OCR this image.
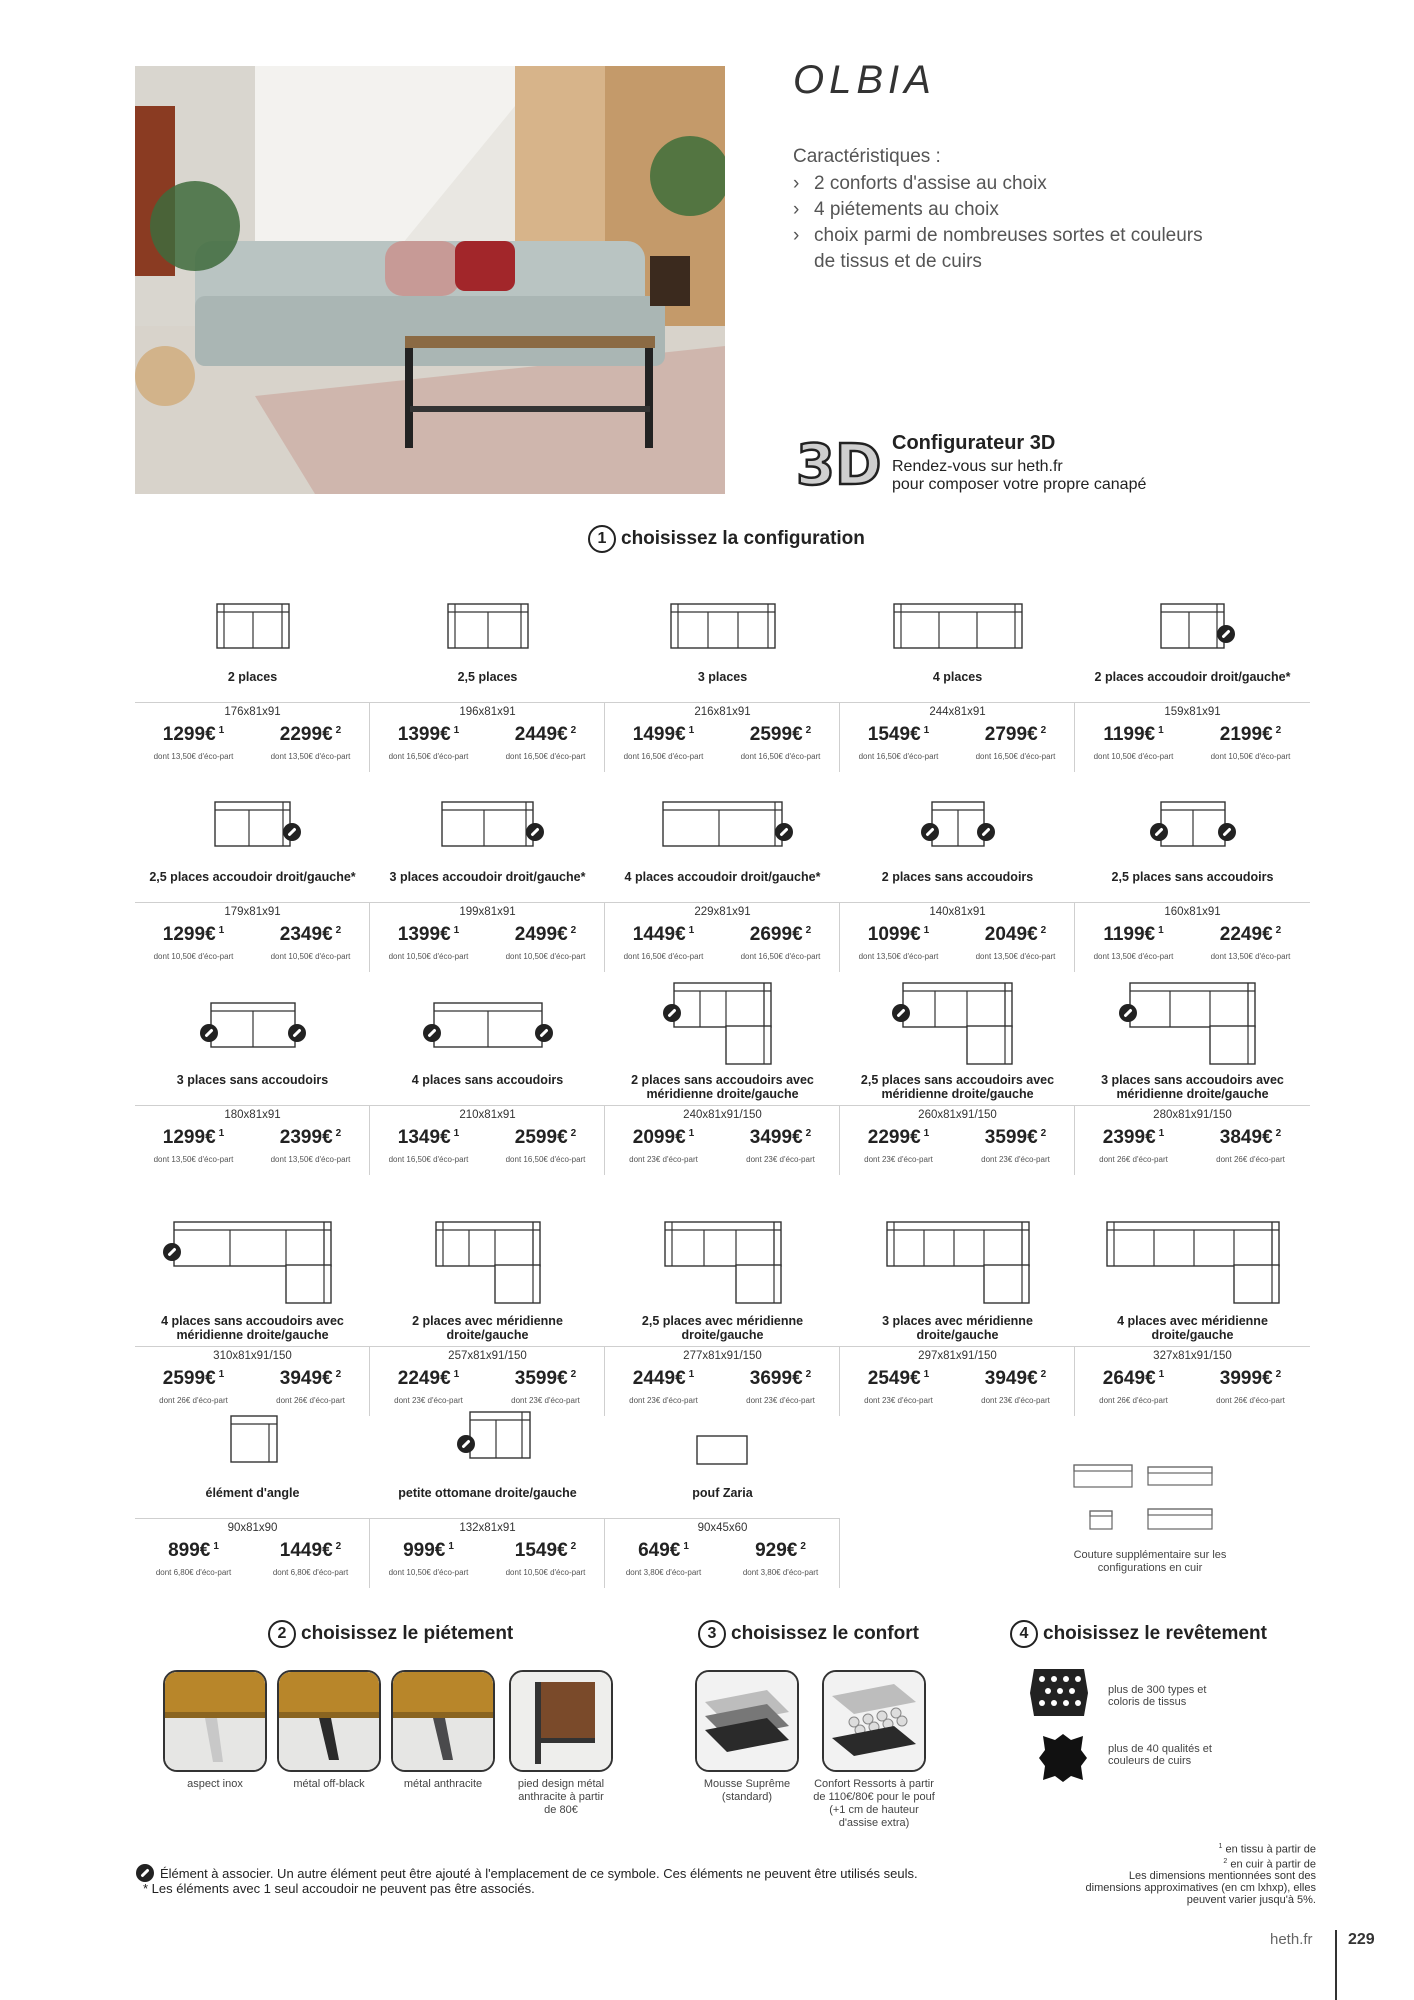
OLBIA
Caractéristiques :
› 2 conforts d'assise au choix
› 4 piétements au choix
› choix parmi de nombreuses sortes et couleurs
de tissus et de cuirs
3D Configurateur 3D
Rendez-vous sur heth.fr
pour composer votre propre canapé
1 choisissez la configuration
2 places
176x81x91
1299€ $^1$
dont 13,50€ d'éco-part
2299€ $^2$
dont 13,50€ d'éco-part
2,5 places
196x81x91
1399€ $^1$
dont 16,50€ d'éco-part
2449€ $^2$
dont 16,50€ d'éco-part
3 places
216x81x91
1499€ $^1$
dont 16,50€ d'éco-part
2599€ $^2$
dont 16,50€ d'éco-part
4 places
244x81x91
1549€ $^1$
dont 16,50€ d'éco-part
2799€ $^2$
dont 16,50€ d'éco-part
2 places accoudoir droit/gauche*
159x81x91
1199€ $^1$
dont 10,50€ d'éco-part
2199€ $^2$
dont 10,50€ d'éco-part
2,5 places accoudoir droit/gauche*
179x81x91
1299€ $^1$
dont 10,50€ d'éco-part
2349€ $^2$
dont 10,50€ d'éco-part
3 places accoudoir droit/gauche*
199x81x91
1399€ $^1$
dont 10,50€ d'éco-part
2499€ $^2$
dont 10,50€ d'éco-part
4 places accoudoir droit/gauche*
229x81x91
1449€ $^1$
dont 16,50€ d'éco-part
2699€ $^2$
dont 16,50€ d'éco-part
2 places sans accoudoirs
140x81x91
1099€ $^1$
dont 13,50€ d'éco-part
2049€ $^2$
dont 13,50€ d'éco-part
2,5 places sans accoudoirs
160x81x91
1199€ $^1$
dont 13,50€ d'éco-part
2249€ $^2$
dont 13,50€ d'éco-part
3 places sans accoudoirs
180x81x91
1299€ $^1$
dont 13,50€ d'éco-part
2399€ $^2$
dont 13,50€ d'éco-part
4 places sans accoudoirs
210x81x91
1349€ $^1$
dont 16,50€ d'éco-part
2599€ $^2$
dont 16,50€ d'éco-part
2 places sans accoudoirs avec méridienne droite/gauche
240x81x91/150
2099€ $^1$
dont 23€ d'éco-part
3499€ $^2$
dont 23€ d'éco-part
2,5 places sans accoudoirs avec méridienne droite/gauche
260x81x91/150
2299€ $^1$
dont 23€ d'éco-part
3599€ $^2$
dont 23€ d'éco-part
3 places sans accoudoirs avec méridienne droite/gauche
280x81x91/150
2399€ $^1$
dont 26€ d'éco-part
3849€ $^2$
dont 26€ d'éco-part
4 places sans accoudoirs avec méridienne droite/gauche
310x81x91/150
2599€ $^1$
dont 26€ d'éco-part
3949€ $^2$
dont 26€ d'éco-part
2 places avec méridienne droite/gauche
257x81x91/150
2249€ $^1$
dont 23€ d'éco-part
3599€ $^2$
dont 23€ d'éco-part
2,5 places avec méridienne droite/gauche
277x81x91/150
2449€ $^1$
dont 23€ d'éco-part
3699€ $^2$
dont 23€ d'éco-part
3 places avec méridienne droite/gauche
297x81x91/150
2549€ $^1$
dont 23€ d'éco-part
3949€ $^2$
dont 23€ d'éco-part
4 places avec méridienne droite/gauche
327x81x91/150
2649€ $^1$
dont 26€ d'éco-part
3999€ $^2$
dont 26€ d'éco-part
élément d'angle
90x81x90
899€ $^1$
dont 6,80€ d'éco-part
1449€ $^2$
dont 6,80€ d'éco-part
petite ottomane droite/gauche
132x81x91
999€ $^1$
dont 10,50€ d'éco-part
1549€ $^2$
dont 10,50€ d'éco-part
pouf Zaria
90x45x60
649€ $^1$
dont 3,80€ d'éco-part
929€ $^2$
dont 3,80€ d'éco-part
Couture supplémentaire sur les configurations en cuir
2 choisissez le piétement	3 choisissez le confort	4 choisissez le revêtement
aspect inox	métal off-black	métal anthracite	pied design métal anthracite à partir de 80€
Mousse Suprême (standard)
Confort Ressorts à partir de 110€/80€ pour le pouf (+1 cm de hauteur d'assise extra)
plus de 300 types et coloris de tissus
plus de 40 qualités et couleurs de cuirs
Élément à associer. Un autre élément peut être ajouté à l'emplacement de ce symbole. Ces éléments ne peuvent être utilisés seuls.
* Les éléments avec 1 seul accoudoir ne peuvent pas être associés.
$^1$ en tissu à partir de
$^2$ en cuir à partir de
Les dimensions mentionnées sont des
dimensions approximatives (en cm lxhxp), elles
peuvent varier jusqu'à 5%.
heth.fr 229
